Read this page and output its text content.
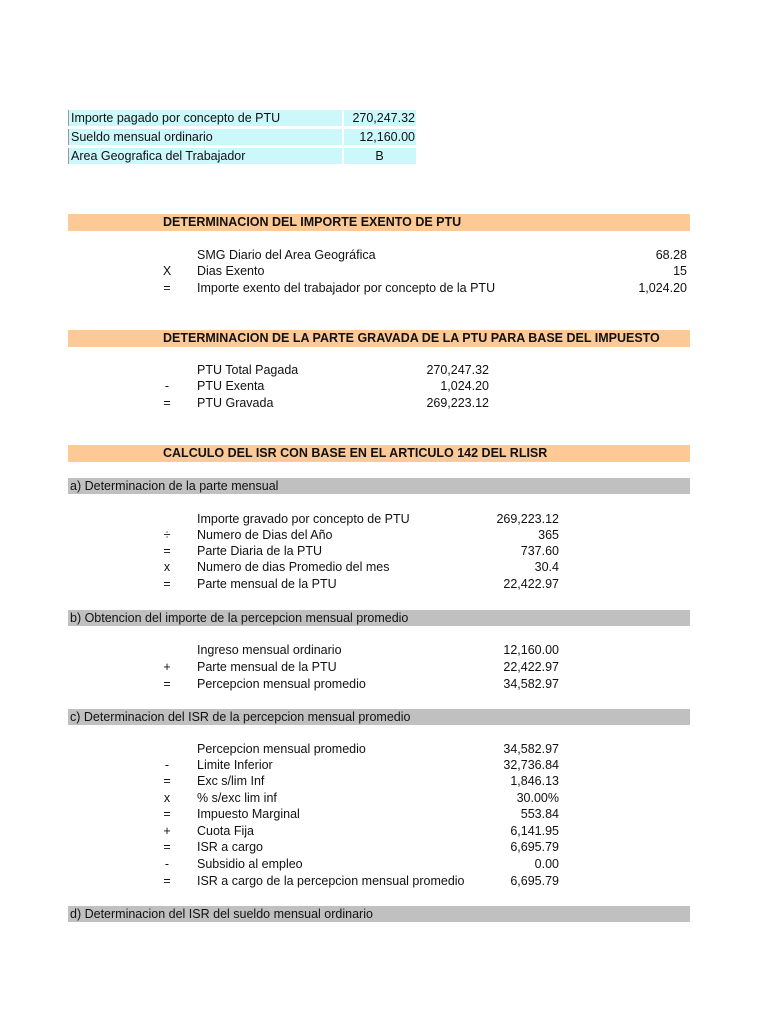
Importe pagado por concepto de PTU	270,247.32
Sueldo mensual ordinario	12,160.00
Area Geografica del Trabajador	B
DETERMINACION DEL IMPORTE EXENTO DE PTU
SMG Diario del Area Geográfica	68.28
X Dias Exento	15
= Importe exento del trabajador por concepto de la PTU	1,024.20
DETERMINACION DE LA PARTE GRAVADA DE LA PTU PARA BASE DEL IMPUESTO
PTU Total Pagada	270,247.32
-	PTU Exenta	1,024.20
= PTU Gravada	269,223.12
CALCULO DEL ISR CON BASE EN EL ARTICULO 142 DEL RLISR
a) Determinacion de la parte mensual
Importe gravado por concepto de PTU	269,223.12
÷ Numero de Dias del Año	365
= Parte Diaria de la PTU	737.60
x	Numero de dias Promedio del mes	30.4
= Parte mensual de la PTU	22,422.97
b) Obtencion del importe de la percepcion mensual promedio
Ingreso mensual ordinario	12,160.00
+ Parte mensual de la PTU	22,422.97
= Percepcion mensual promedio	34,582.97
c) Determinacion del ISR de la percepcion mensual promedio
Percepcion mensual promedio	34,582.97
-	Limite Inferior	32,736.84
= Exc s/lim Inf	1,846.13
x	% s/exc lim inf	30.00%
= Impuesto Marginal	553.84
+ Cuota Fija	6,141.95
= ISR a cargo	6,695.79
-	Subsidio al empleo	0.00
= ISR a cargo de la percepcion mensual promedio	6,695.79
d) Determinacion del ISR del sueldo mensual ordinario
